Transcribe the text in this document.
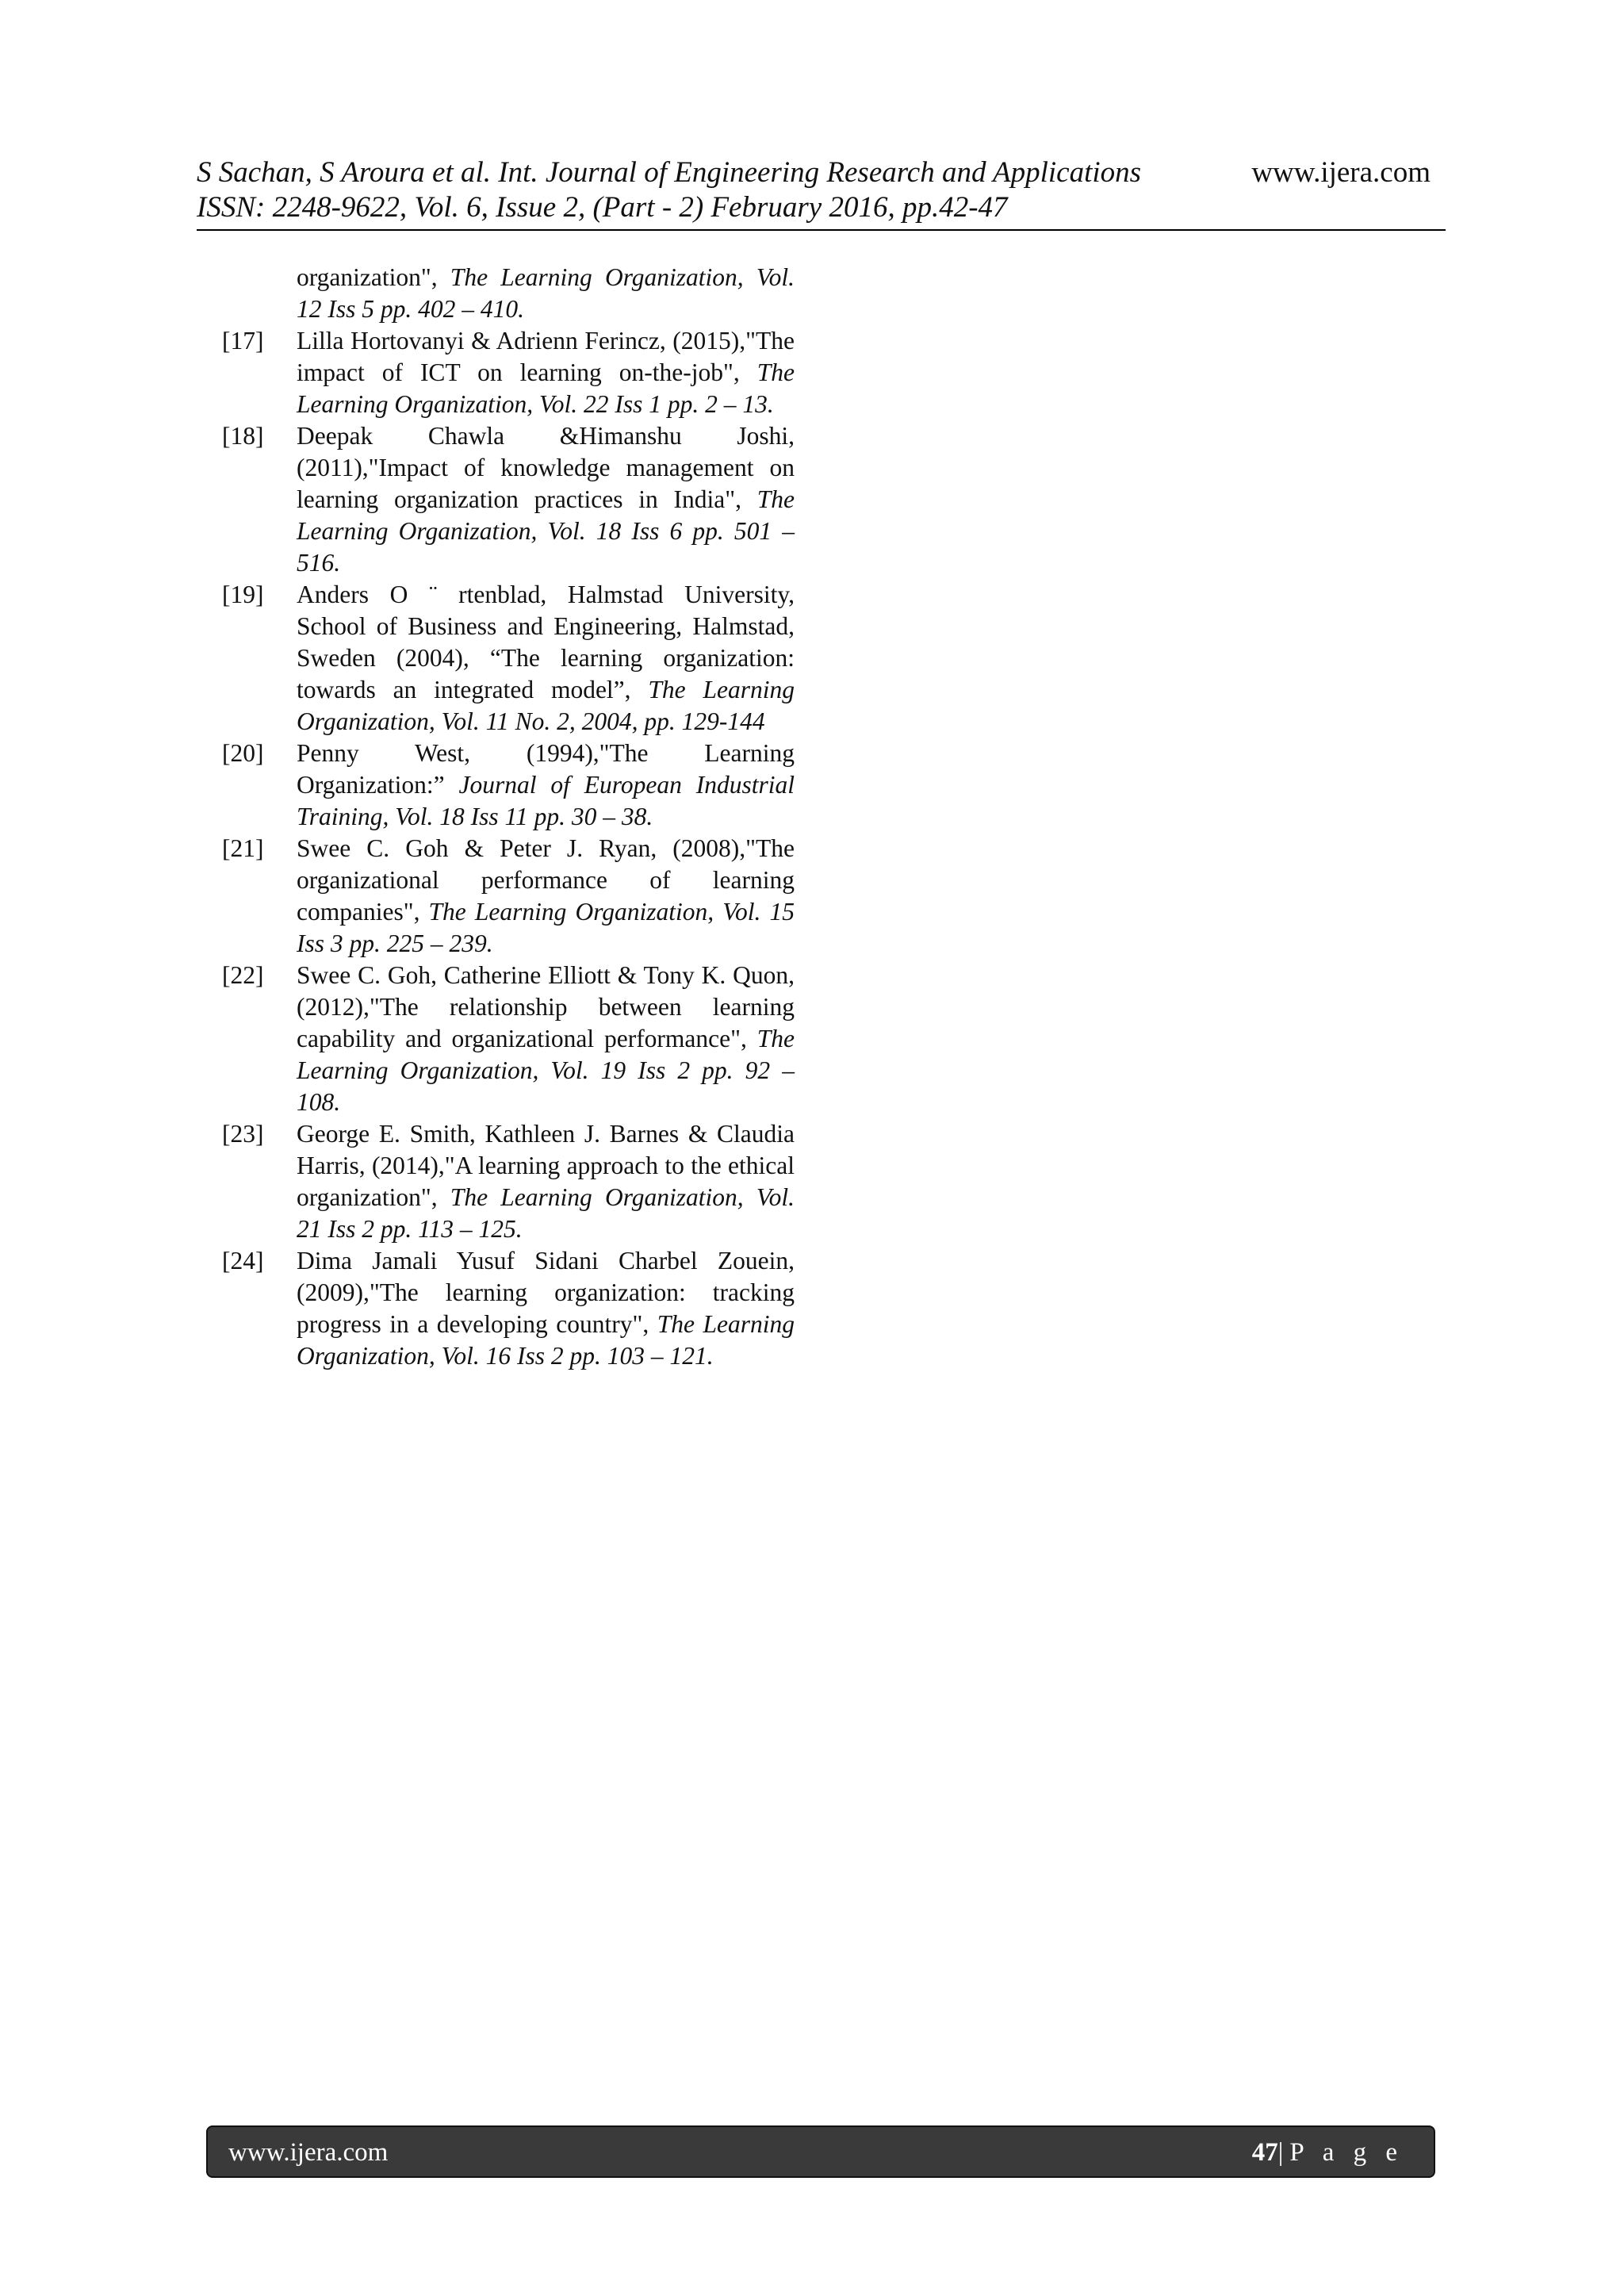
S Sachan, S Aroura et al. Int. Journal of Engineering Research and Applications	www.ijera.com
ISSN: 2248-9622, Vol. 6, Issue 2, (Part - 2) February 2016, pp.42-47
organization", The Learning Organization, Vol. 12 Iss 5 pp. 402 – 410.
[17]	Lilla Hortovanyi & Adrienn Ferincz, (2015),"The impact of ICT on learning on-the-job", The Learning Organization, Vol. 22 Iss 1 pp. 2 – 13.
[18]	Deepak Chawla &Himanshu Joshi, (2011),"Impact of knowledge management on learning organization practices in India", The Learning Organization, Vol. 18 Iss 6 pp. 501 – 516.
[19]	Anders O ¨ rtenblad, Halmstad University, School of Business and Engineering, Halmstad, Sweden (2004), “The learning organization: towards an integrated model”, The Learning Organization, Vol. 11 No. 2, 2004, pp. 129-144
[20]	Penny West, (1994),"The Learning Organization:” Journal of European Industrial Training, Vol. 18 Iss 11 pp. 30 – 38.
[21]	Swee C. Goh & Peter J. Ryan, (2008),"The organizational performance of learning companies", The Learning Organization, Vol. 15 Iss 3 pp. 225 – 239.
[22]	Swee C. Goh, Catherine Elliott & Tony K. Quon, (2012),"The relationship between learning capability and organizational performance", The Learning Organization, Vol. 19 Iss 2 pp. 92 – 108.
[23]	George E. Smith, Kathleen J. Barnes & Claudia Harris, (2014),"A learning approach to the ethical organization", The Learning Organization, Vol. 21 Iss 2 pp. 113 – 125.
[24]	Dima Jamali Yusuf Sidani Charbel Zouein, (2009),"The learning organization: tracking progress in a developing country", The Learning Organization, Vol. 16 Iss 2 pp. 103 – 121.
www.ijera.com	47|P a g e
